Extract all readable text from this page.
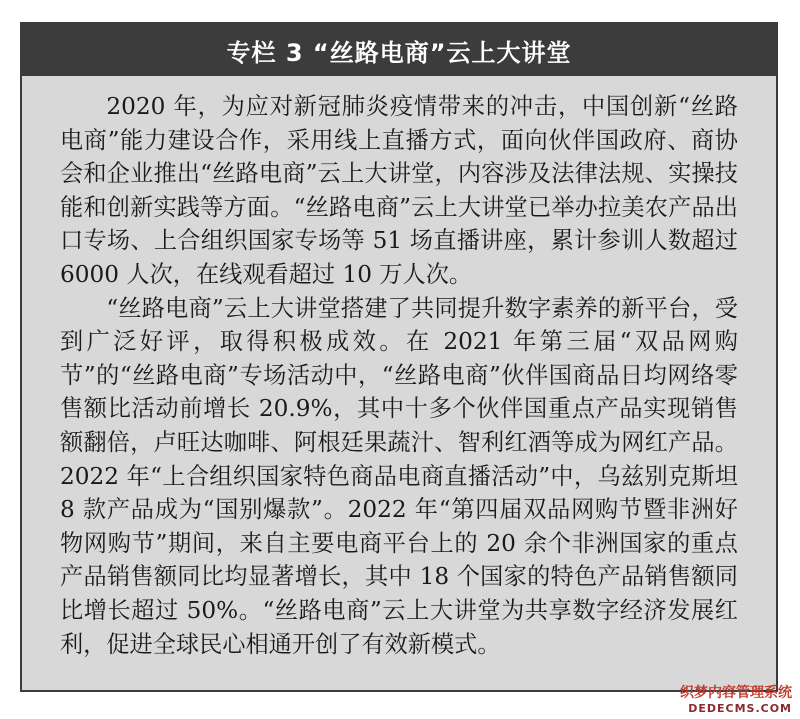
专栏 3 “丝路电商”云上大讲堂

2020 年，为应对新冠肺炎疫情带来的冲击，中国创新“丝路电商”能力建设合作，采用线上直播方式，面向伙伴国政府、商协会和企业推出“丝路电商”云上大讲堂，内容涉及法律法规、实操技能和创新实践等方面。“丝路电商”云上大讲堂已举办拉美农产品出口专场、上合组织国家专场等 51 场直播讲座，累计参训人数超过 6000 人次，在线观看超过 10 万人次。

“丝路电商”云上大讲堂搭建了共同提升数字素养的新平台，受到广泛好评，取得积极成效。在 2021 年第三届“双品网购节”的“丝路电商”专场活动中，“丝路电商”伙伴国商品日均网络零售额比活动前增长 20.9%，其中十多个伙伴国重点产品实现销售额翻倍，卢旺达咖啡、阿根廷果蔬汁、智利红酒等成为网红产品。2022 年“上合组织国家特色商品电商直播活动”中，乌兹别克斯坦 8 款产品成为“国别爆款”。2022 年“第四届双品网购节暨非洲好物网购节”期间，来自主要电商平台上的 20 余个非洲国家的重点产品销售额同比均显著增长，其中 18 个国家的特色产品销售额同比增长超过 50%。“丝路电商”云上大讲堂为共享数字经济发展红利，促进全球民心相通开创了有效新模式。

织梦内容管理系统
DEDECMS.COM
